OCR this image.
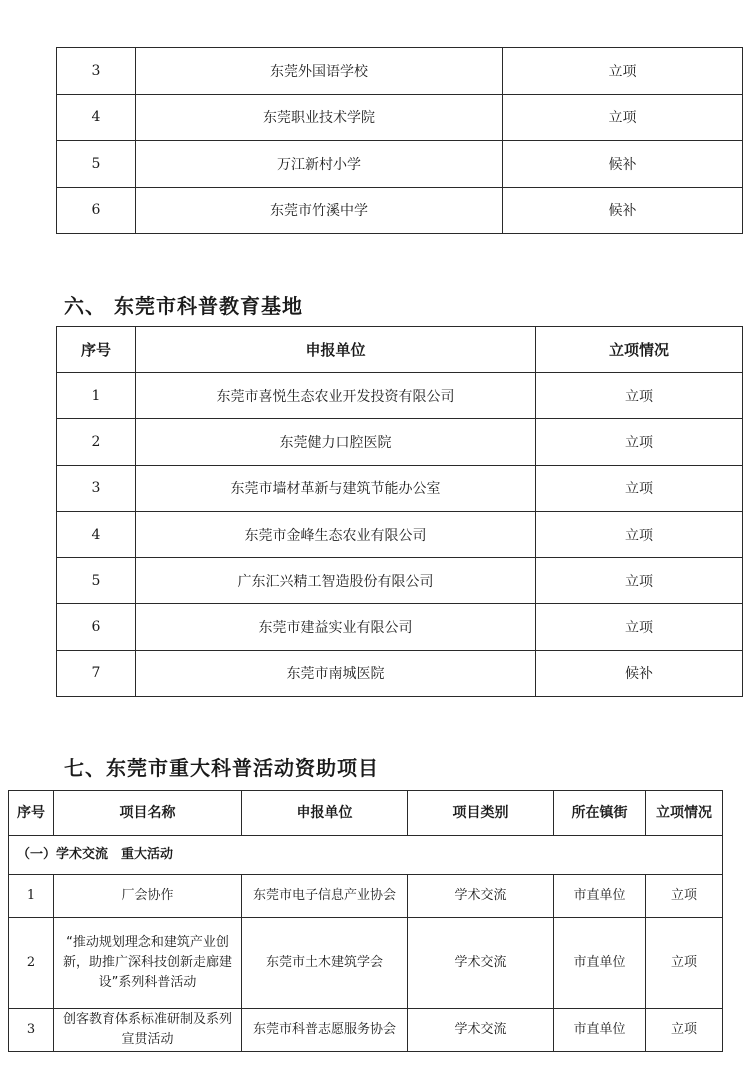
3	东莞外国语学校	立项
4	东莞职业技术学院	立项
5	万江新村小学	候补
6	东莞市竹溪中学	候补
六、 东莞市科普教育基地
序号	申报单位	立项情况
1	东莞市喜悦生态农业开发投资有限公司	立项
2	东莞健力口腔医院	立项
3	东莞市墙材革新与建筑节能办公室	立项
4	东莞市金峰生态农业有限公司	立项
5	广东汇兴精工智造股份有限公司	立项
6	东莞市建益实业有限公司	立项
7	东莞市南城医院	候补
七、东莞市重大科普活动资助项目
序号	项目名称	申报单位	项目类别	所在镇街	立项情况
（一）学术交流　重大活动					
1	厂会协作	东莞市电子信息产业协会	学术交流	市直单位	立项
2	“推动规划理念和建筑产业创新，助推广深科技创新走廊建设”系列科普活动	东莞市土木建筑学会	学术交流	市直单位	立项
3	创客教育体系标准研制及系列宣贯活动	东莞市科普志愿服务协会	学术交流	市直单位	立项
